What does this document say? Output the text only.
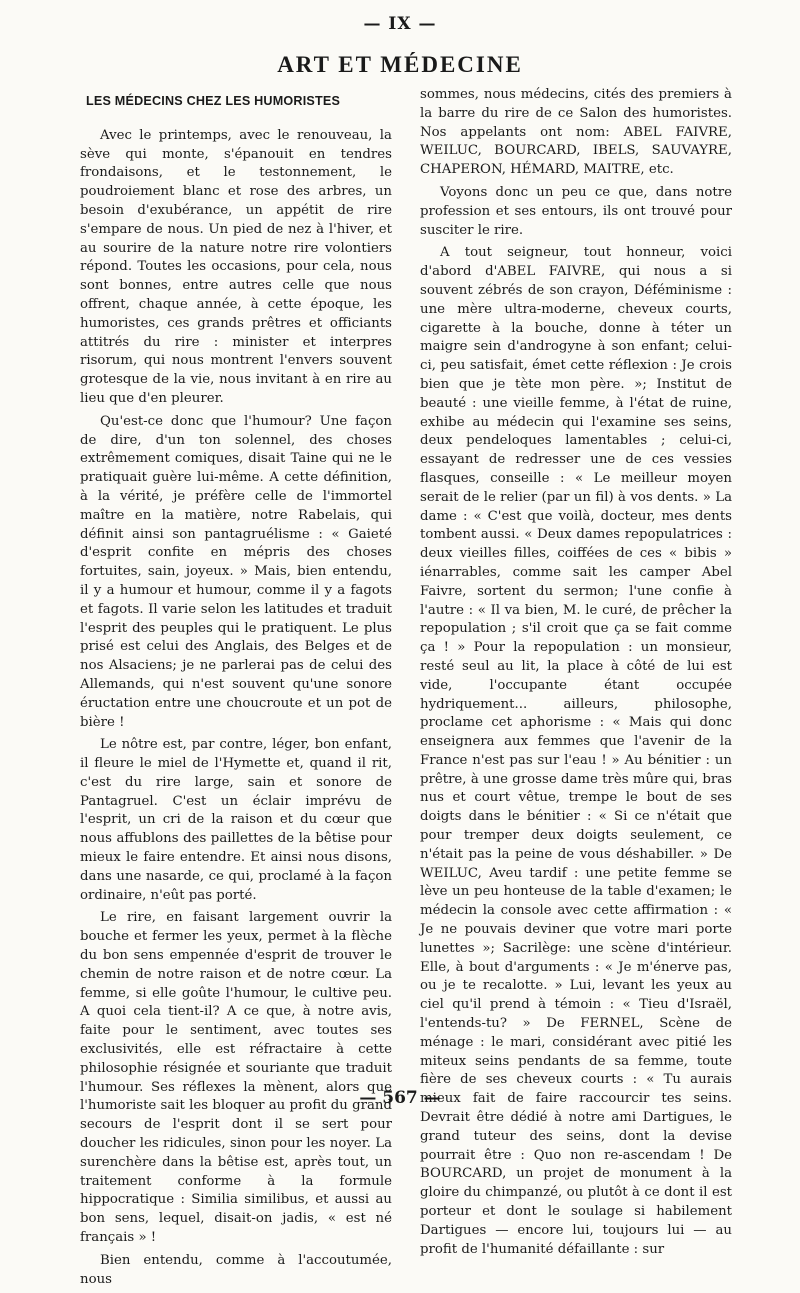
— IX —
ART ET MÉDECINE
LES MÉDECINS CHEZ LES HUMORISTES

Avec le printemps, avec le renouveau, la sève qui monte, s'épanouit en tendres frondaisons, et le testonnement, le poudroiement blanc et rose des arbres, un besoin d'exubérance, un appétit de rire s'empare de nous. Un pied de nez à l'hiver, et au sourire de la nature notre rire volontiers répond. Toutes les occasions, pour cela, nous sont bonnes, entre autres celle que nous offrent, chaque année, à cette époque, les humoristes, ces grands prêtres et officiants attitrés du rire : minister et interpres risorum, qui nous montrent l'envers souvent grotesque de la vie, nous invitant à en rire au lieu que d'en pleurer.

Qu'est-ce donc que l'humour? Une façon de dire, d'un ton solennel, des choses extrêmement comiques, disait Taine qui ne le pratiquait guère lui-même. A cette définition, à la vérité, je préfère celle de l'immortel maître en la matière, notre Rabelais, qui définit ainsi son pantagruélisme : « Gaieté d'esprit confite en mépris des choses fortuites, sain, joyeux. » Mais, bien entendu, il y a humour et humour, comme il y a fagots et fagots. Il varie selon les latitudes et traduit l'esprit des peuples qui le pratiquent. Le plus prisé est celui des Anglais, des Belges et de nos Alsaciens; je ne parlerai pas de celui des Allemands, qui n'est souvent qu'une sonore éructation entre une choucroute et un pot de bière !

Le nôtre est, par contre, léger, bon enfant, il fleure le miel de l'Hymette et, quand il rit, c'est du rire large, sain et sonore de Pantagruel. C'est un éclair imprévu de l'esprit, un cri de la raison et du cœur que nous affublons des paillettes de la bêtise pour mieux le faire entendre. Et ainsi nous disons, dans une nasarde, ce qui, proclamé à la façon ordinaire, n'eût pas porté.

Le rire, en faisant largement ouvrir la bouche et fermer les yeux, permet à la flèche du bon sens empennée d'esprit de trouver le chemin de notre raison et de notre cœur. La femme, si elle goûte l'humour, le cultive peu. A quoi cela tient-il? A ce que, à notre avis, faite pour le sentiment, avec toutes ses exclusivités, elle est réfractaire à cette philosophie résignée et souriante que traduit l'humour. Ses réflexes la mènent, alors que l'humoriste sait les bloquer au profit du grand secours de l'esprit dont il se sert pour doucher les ridicules, sinon pour les noyer. La surenchère dans la bêtise est, après tout, un traitement conforme à la formule hippocratique : Similia similibus, et aussi au bon sens, lequel, disait-on jadis, « est né français » !

Bien entendu, comme à l'accoutumée, nous

sommes, nous médecins, cités des premiers à la barre du rire de ce Salon des humoristes. Nos appelants ont nom: ABEL FAIVRE, WEILUC, BOURCARD, IBELS, SAUVAYRE, CHAPERON, HÉMARD, MAITRE, etc.

Voyons donc un peu ce que, dans notre profession et ses entours, ils ont trouvé pour susciter le rire.

A tout seigneur, tout honneur, voici d'abord d'ABEL FAIVRE, qui nous a si souvent zébrés de son crayon, Déféminisme : une mère ultra-moderne, cheveux courts, cigarette à la bouche, donne à téter un maigre sein d'androgyne à son enfant; celui-ci, peu satisfait, émet cette réflexion : Je crois bien que je tète mon père. »; Institut de beauté : une vieille femme, à l'état de ruine, exhibe au médecin qui l'examine ses seins, deux pendeloques lamentables ; celui-ci, essayant de redresser une de ces vessies flasques, conseille : « Le meilleur moyen serait de le relier (par un fil) à vos dents. » La dame : « C'est que voilà, docteur, mes dents tombent aussi. « Deux dames repopulatrices : deux vieilles filles, coiffées de ces « bibis » iénarrables, comme sait les camper Abel Faivre, sortent du sermon; l'une confie à l'autre : « Il va bien, M. le curé, de prêcher la repopulation ; s'il croit que ça se fait comme ça ! » Pour la repopulation : un monsieur, resté seul au lit, la place à côté de lui est vide, l'occupante étant occupée hydriquement... ailleurs, philosophe, proclame cet aphorisme : « Mais qui donc enseignera aux femmes que l'avenir de la France n'est pas sur l'eau ! » Au bénitier : un prêtre, à une grosse dame très mûre qui, bras nus et court vêtue, trempe le bout de ses doigts dans le bénitier : « Si ce n'était que pour tremper deux doigts seulement, ce n'était pas la peine de vous déshabiller. » De WEILUC, Aveu tardif : une petite femme se lève un peu honteuse de la table d'examen; le médecin la console avec cette affirmation : « Je ne pouvais deviner que votre mari porte lunettes »; Sacrilège: une scène d'intérieur. Elle, à bout d'arguments : « Je m'énerve pas, ou je te recalotte. » Lui, levant les yeux au ciel qu'il prend à témoin : « Tieu d'Israël, l'entends-tu? » De FERNEL, Scène de ménage : le mari, considérant avec pitié les miteux seins pendants de sa femme, toute fière de ses cheveux courts : « Tu aurais mieux fait de faire raccourcir tes seins. Devrait être dédié à notre ami Dartigues, le grand tuteur des seins, dont la devise pourrait être : Quo non re-ascendam ! De BOURCARD, un projet de monument à la gloire du chimpanzé, ou plutôt à ce dont il est porteur et dont le soulage si habilement Dartigues — encore lui, toujours lui — au profit de l'humanité défaillante : sur

— 567 —
